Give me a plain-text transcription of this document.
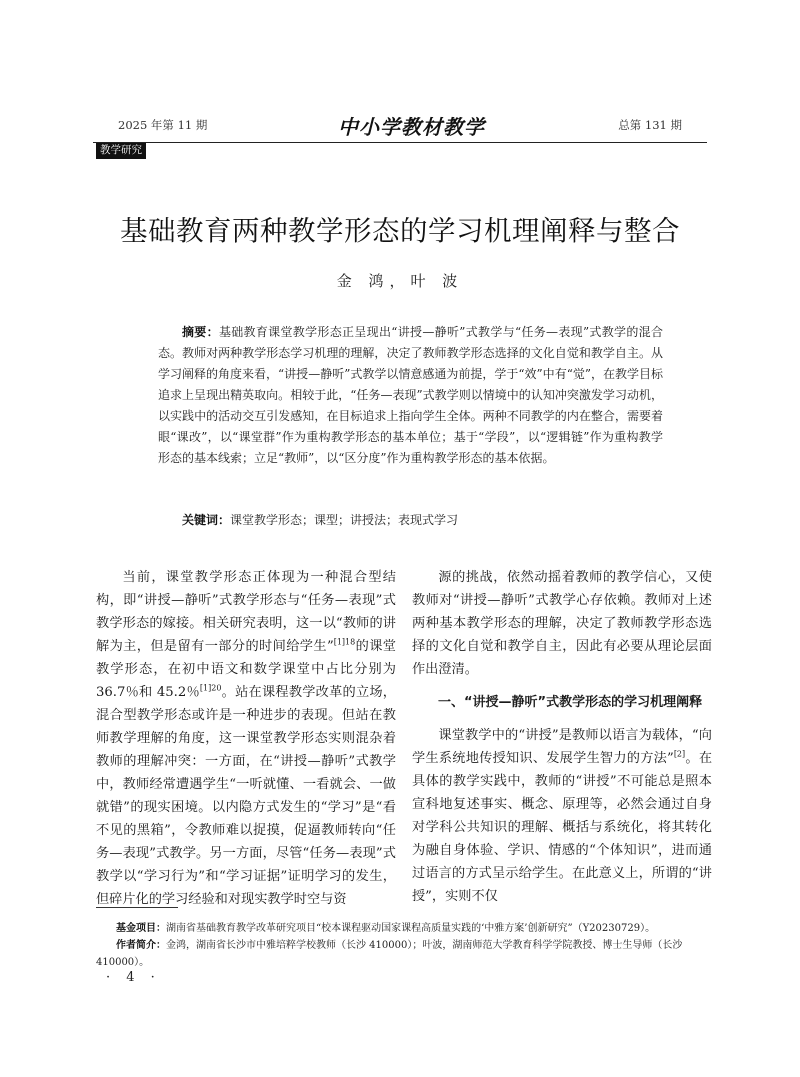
2025 年第 11 期	中小学教材教学	总第 131 期
教学研究
基础教育两种教学形态的学习机理阐释与整合
金 鸿，叶 波
摘要：基础教育课堂教学形态正呈现出“讲授—静听”式教学与“任务—表现”式教学的混合态。教师对两种教学形态学习机理的理解，决定了教师教学形态选择的文化自觉和教学自主。从学习阐释的角度来看，“讲授—静听”式教学以情意感通为前提，学于“效”中有“觉”，在教学目标追求上呈现出精英取向。相较于此，“任务—表现”式教学则以情境中的认知冲突激发学习动机，以实践中的活动交互引发感知，在目标追求上指向学生全体。两种不同教学的内在整合，需要着眼“课改”，以“课堂群”作为重构教学形态的基本单位；基于“学段”，以“逻辑链”作为重构教学形态的基本线索；立足“教师”，以“区分度”作为重构教学形态的基本依据。
关键词：课堂教学形态；课型；讲授法；表现式学习

当前，课堂教学形态正体现为一种混合型结构，即“讲授—静听”式教学形态与“任务—表现”式教学形态的嫁接。相关研究表明，这一以“教师的讲解为主，但是留有一部分的时间给学生”$^{[1]18}$的课堂教学形态，在初中语文和数学课堂中占比分别为 36.7％和 45.2％$^{[1]20}$。站在课程教学改革的立场，混合型教学形态或许是一种进步的表现。但站在教师教学理解的角度，这一课堂教学形态实则混杂着教师的理解冲突：一方面，在“讲授—静听”式教学中，教师经常遭遇学生“一听就懂、一看就会、一做就错”的现实困境。以内隐方式发生的“学习”是“看不见的黑箱”，令教师难以捉摸，促逼教师转向“任务—表现”式教学。另一方面，尽管“任务—表现”式教学以“学习行为”和“学习证据”证明学习的发生，但碎片化的学习经验和对现实教学时空与资

源的挑战，依然动摇着教师的教学信心，又使教师对“讲授—静听”式教学心存依赖。教师对上述两种基本教学形态的理解，决定了教师教学形态选择的文化自觉和教学自主，因此有必要从理论层面作出澄清。

一、“讲授—静听”式教学形态的学习机理阐释

课堂教学中的“讲授”是教师以语言为载体，“向学生系统地传授知识、发展学生智力的方法”[2]。在具体的教学实践中，教师的“讲授”不可能总是照本宣科地复述事实、概念、原理等，必然会通过自身对学科公共知识的理解、概括与系统化，将其转化为融自身体验、学识、情感的“个体知识”，进而通过语言的方式呈示给学生。在此意义上，所谓的“讲授”，实则不仅

基金项目：湖南省基础教育教学改革研究项目“校本课程驱动国家课程高质量实践的‘中雅方案’创新研究”（Y20230729）。
作者简介：金鸿，湖南省长沙市中雅培粹学校教师（长沙 410000）；叶波，湖南师范大学教育科学学院教授、博士生导师（长沙 410000）。
· 4 ·
